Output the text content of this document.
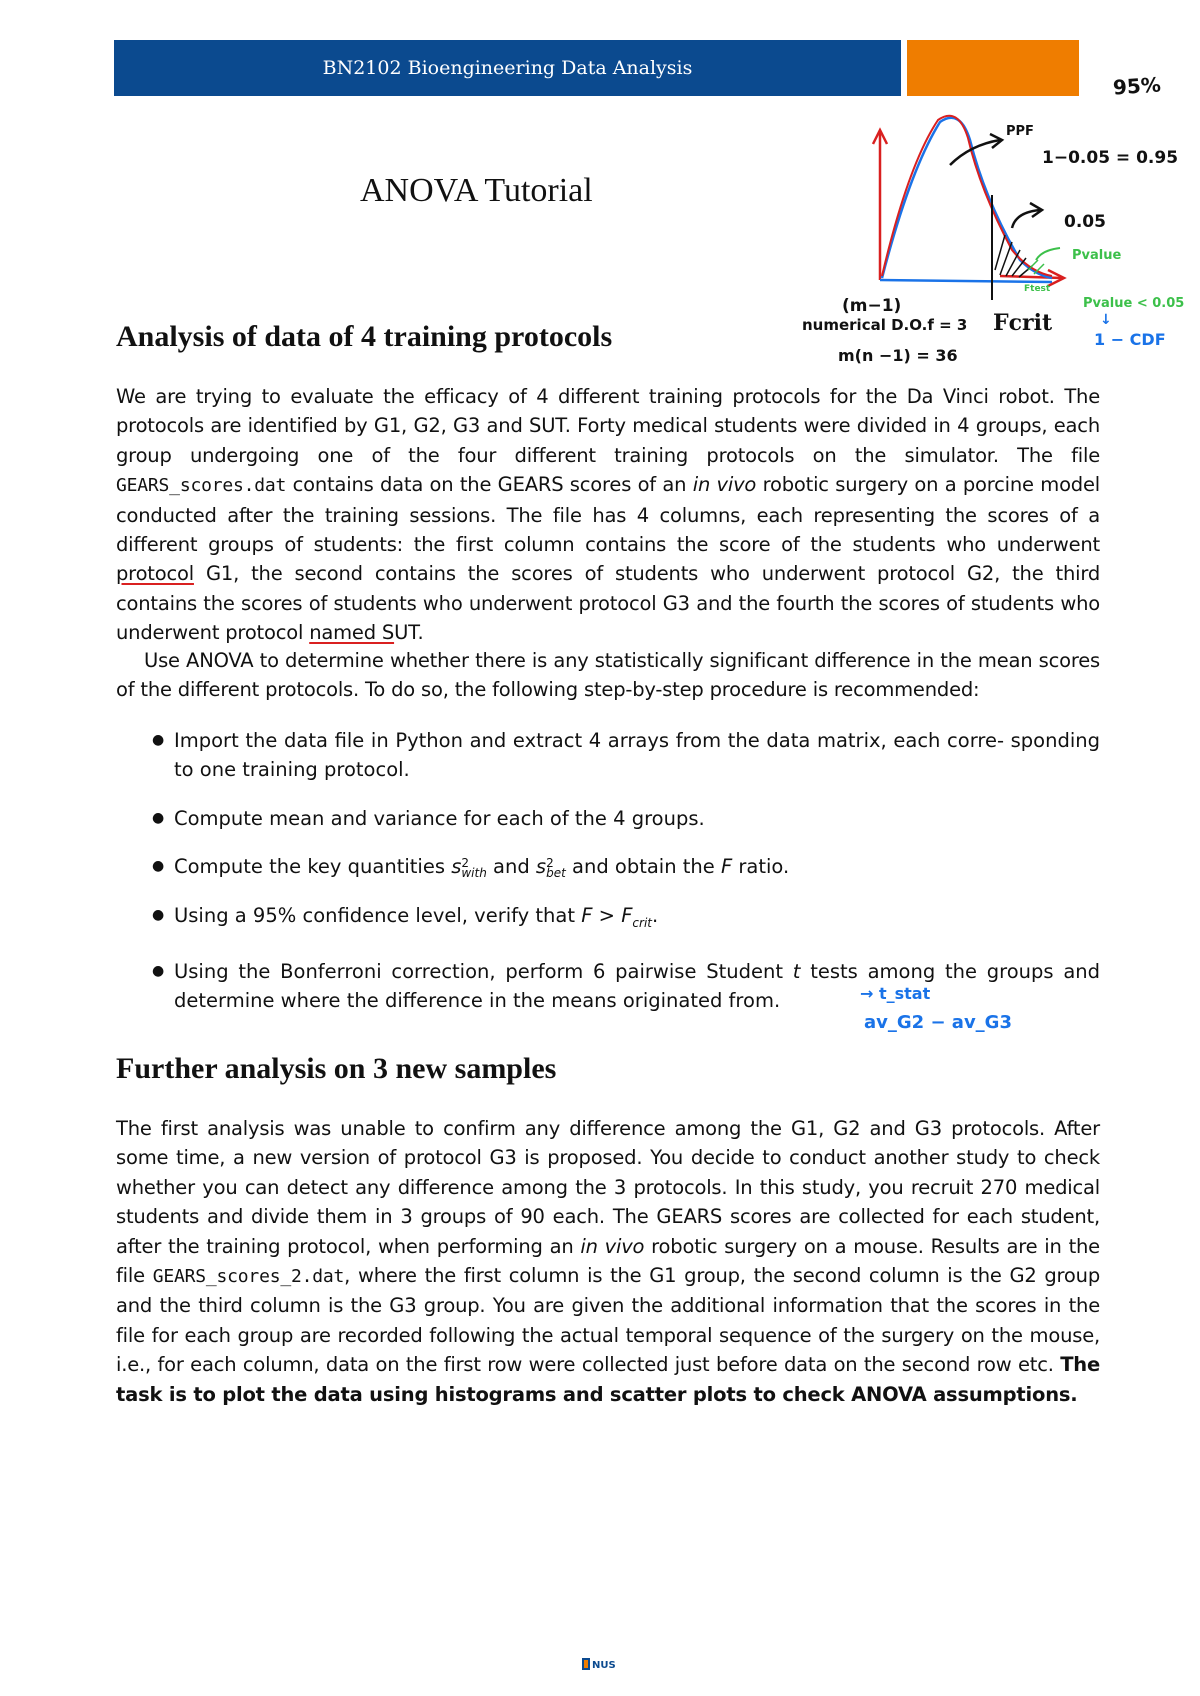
BN2102 Bioengineering Data Analysis
ANOVA Tutorial
95%
PPF
1−0.05 = 0.95
0.05
Pvalue
Ftest
Fcrit
(m−1)
numerical D.O.f = 3
m(n −1) = 36
Pvalue < 0.05
↓
1 − CDF
Analysis of data of 4 training protocols

We are trying to evaluate the efficacy of 4 different training protocols for the Da Vinci robot. The protocols are identified by G1, G2, G3 and SUT. Forty medical students were divided in 4 groups, each group undergoing one of the four different training protocols on the simulator. The file GEARS_scores.dat contains data on the GEARS scores of an in vivo robotic surgery on a porcine model conducted after the training sessions. The file has 4 columns, each representing the scores of a different groups of students: the first column contains the score of the students who underwent protocol G1, the second contains the scores of students who underwent protocol G2, the third contains the scores of students who underwent protocol G3 and the fourth the scores of students who underwent protocol named SUT.

Use ANOVA to determine whether there is any statistically significant difference in the mean scores of the different protocols. To do so, the following step-by-step procedure is recommended:

● Import the data file in Python and extract 4 arrays from the data matrix, each corre- sponding to one training protocol.
● Compute mean and variance for each of the 4 groups.
● Compute the key quantities s 2
with and s 2
bet and obtain the F ratio.
● Using a 95% confidence level, verify that $F > F_{crit}$.
● Using the Bonferroni correction, perform 6 pairwise Student t tests among the groups and determine where the difference in the means originated from.	→ t_stat
av_G2 − av_G3
Further analysis on 3 new samples

The first analysis was unable to confirm any difference among the G1, G2 and G3 protocols. After some time, a new version of protocol G3 is proposed. You decide to conduct another study to check whether you can detect any difference among the 3 protocols. In this study, you recruit 270 medical students and divide them in 3 groups of 90 each. The GEARS scores are collected for each student, after the training protocol, when performing an in vivo robotic surgery on a mouse. Results are in the file GEARS_scores_2.dat, where the first column is the G1 group, the second column is the G2 group and the third column is the G3 group. You are given the additional information that the scores in the file for each group are recorded following the actual temporal sequence of the surgery on the mouse, i.e., for each column, data on the first row were collected just before data on the second row etc. The task is to plot the data using histograms and scatter plots to check ANOVA assumptions.

NUS
